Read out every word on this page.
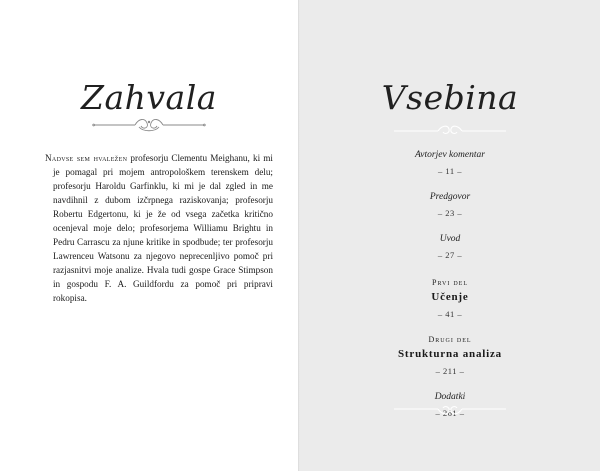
Zahvala

Nadvse sem hvaležen profesorju Clementu Meighanu, ki mi je pomagal pri mojem antropološkem terenskem delu; profesorju Haroldu Garfinklu, ki mi je dal zgled in me navdihnil z dubom izčrpnega raziskovanja; profesorju Robertu Edgertonu, ki je že od vsega začetka kritično ocenjeval moje delo; profesorjema Williamu Brightu in Pedru Carrascu za njune kritike in spodbude; ter profesorju Lawrenceu Watsonu za njegovo neprecenljivo pomoč pri razjasnitvi moje analize. Hvala tudi gospe Grace Stimpson in gospodu F. A. Guildfordu za pomoč pri pripravi rokopisa.

Vsebina
Avtorjev komentar
– 11 –
Predgovor
– 23 –
Uvod
– 27 –
Prvi del
Učenje
– 41 –
Drugi del
Strukturna analiza
– 211 –
Dodatki
– 261 –
